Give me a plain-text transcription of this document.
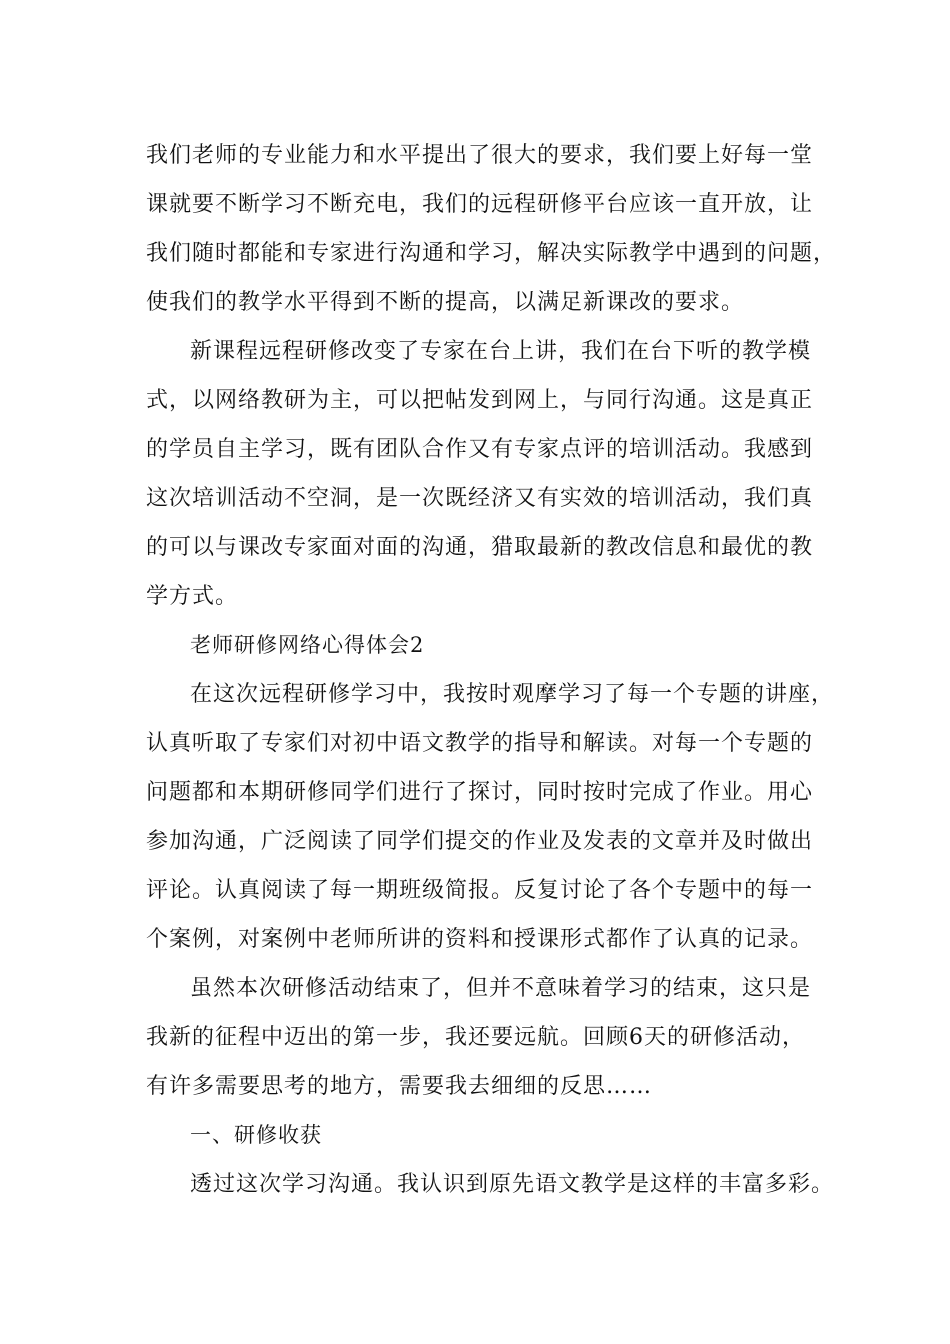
我们老师的专业能力和水平提出了很大的要求，我们要上好每一堂
课就要不断学习不断充电，我们的远程研修平台应该一直开放，让
我们随时都能和专家进行沟通和学习，解决实际教学中遇到的问题，
使我们的教学水平得到不断的提高，以满足新课改的要求。
新课程远程研修改变了专家在台上讲，我们在台下听的教学模
式，以网络教研为主，可以把帖发到网上，与同行沟通。这是真正
的学员自主学习，既有团队合作又有专家点评的培训活动。我感到
这次培训活动不空洞，是一次既经济又有实效的培训活动，我们真
的可以与课改专家面对面的沟通，猎取最新的教改信息和最优的教
学方式。
老师研修网络心得体会2
在这次远程研修学习中，我按时观摩学习了每一个专题的讲座，
认真听取了专家们对初中语文教学的指导和解读。对每一个专题的
问题都和本期研修同学们进行了探讨，同时按时完成了作业。用心
参加沟通，广泛阅读了同学们提交的作业及发表的文章并及时做出
评论。认真阅读了每一期班级简报。反复讨论了各个专题中的每一
个案例，对案例中老师所讲的资料和授课形式都作了认真的记录。
虽然本次研修活动结束了，但并不意味着学习的结束，这只是
我新的征程中迈出的第一步，我还要远航。回顾6天的研修活动，
有许多需要思考的地方，需要我去细细的反思……
一、研修收获
透过这次学习沟通。我认识到原先语文教学是这样的丰富多彩。
